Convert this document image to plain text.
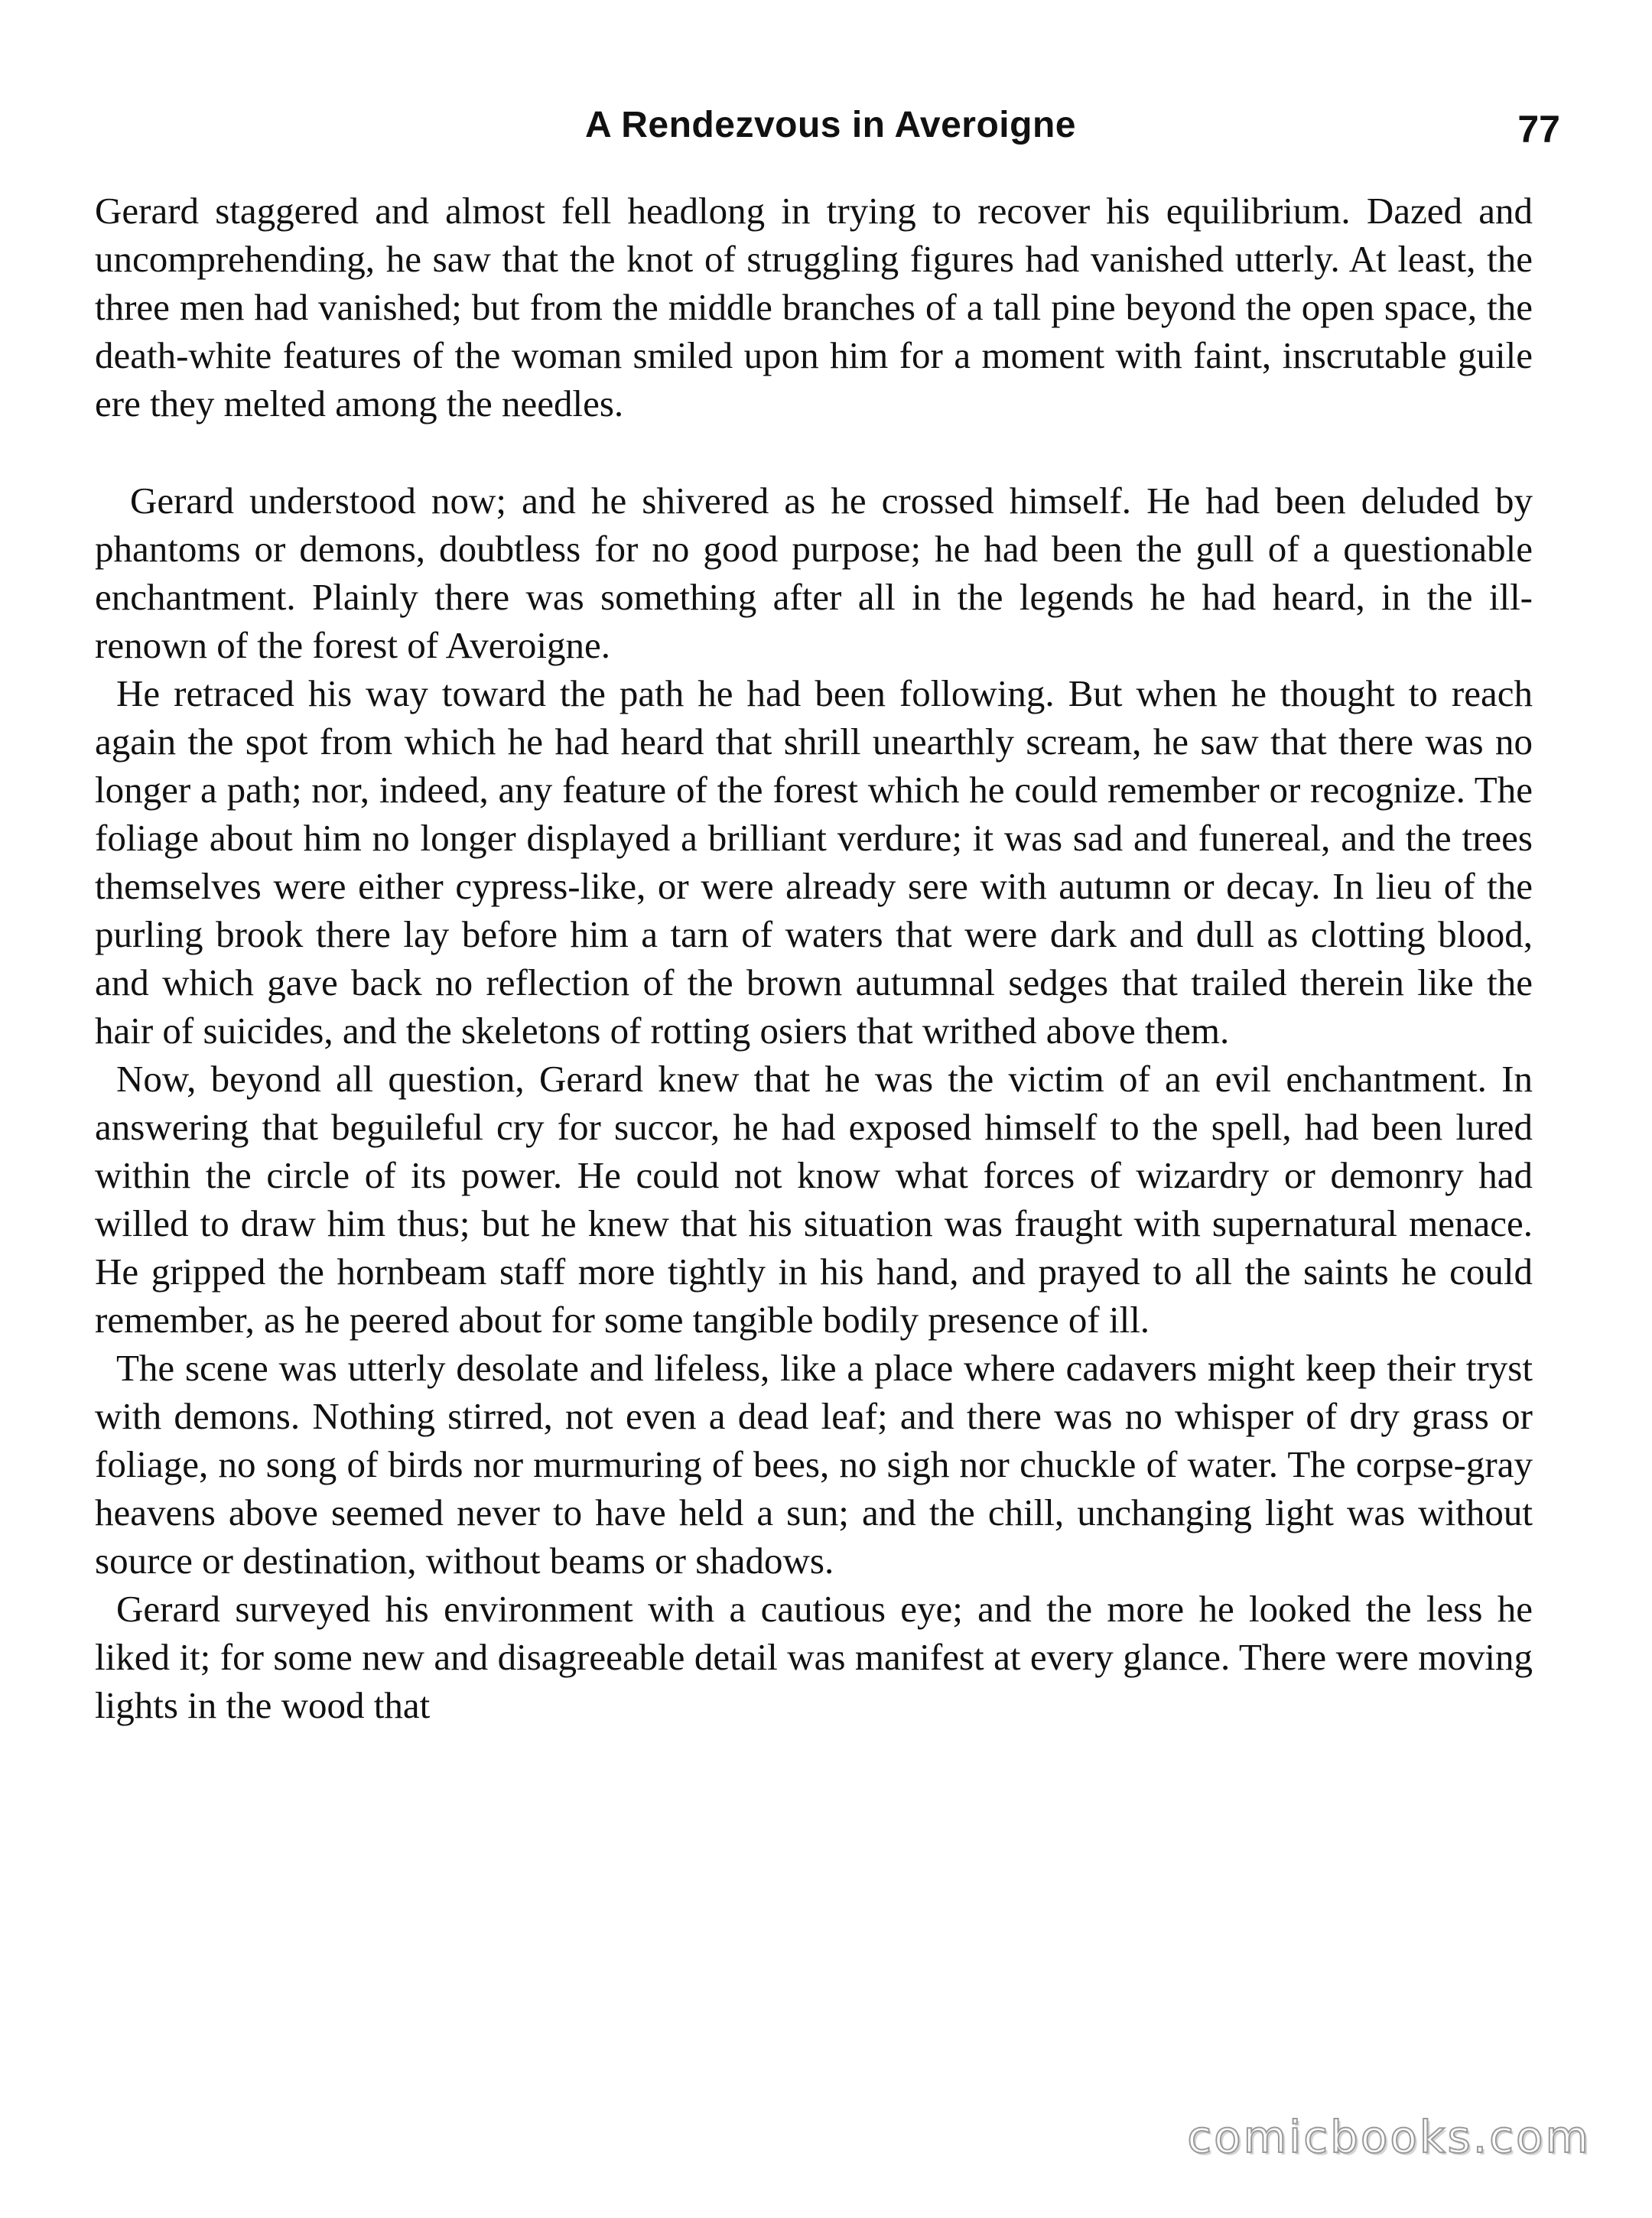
A Rendezvous in Averoigne	77

Gerard staggered and almost fell headlong in trying to recover his equilibrium. Dazed and uncomprehending, he saw that the knot of struggling figures had vanished utterly. At least, the three men had vanished; but from the middle branches of a tall pine beyond the open space, the death-white features of the woman smiled upon him for a moment with faint, inscrutable guile ere they melted among the needles.

Gerard understood now; and he shivered as he crossed himself. He had been deluded by phantoms or demons, doubtless for no good purpose; he had been the gull of a questionable enchantment. Plainly there was something after all in the legends he had heard, in the ill-renown of the forest of Averoigne.

He retraced his way toward the path he had been following. But when he thought to reach again the spot from which he had heard that shrill unearthly scream, he saw that there was no longer a path; nor, indeed, any feature of the forest which he could remember or recognize. The foliage about him no longer displayed a brilliant verdure; it was sad and funereal, and the trees themselves were either cypress-like, or were already sere with autumn or decay. In lieu of the purling brook there lay before him a tarn of waters that were dark and dull as clotting blood, and which gave back no reflection of the brown autumnal sedges that trailed therein like the hair of suicides, and the skeletons of rotting osiers that writhed above them.

Now, beyond all question, Gerard knew that he was the victim of an evil enchantment. In answering that beguileful cry for succor, he had exposed himself to the spell, had been lured within the circle of its power. He could not know what forces of wizardry or demonry had willed to draw him thus; but he knew that his situation was fraught with supernatural menace. He gripped the hornbeam staff more tightly in his hand, and prayed to all the saints he could remember, as he peered about for some tangible bodily presence of ill.

The scene was utterly desolate and lifeless, like a place where cadavers might keep their tryst with demons. Nothing stirred, not even a dead leaf; and there was no whisper of dry grass or foliage, no song of birds nor murmuring of bees, no sigh nor chuckle of water. The corpse-gray heavens above seemed never to have held a sun; and the chill, unchanging light was without source or destination, without beams or shadows.

Gerard surveyed his environment with a cautious eye; and the more he looked the less he liked it; for some new and disagreeable detail was manifest at every glance. There were moving lights in the wood that

comicbooks.com
